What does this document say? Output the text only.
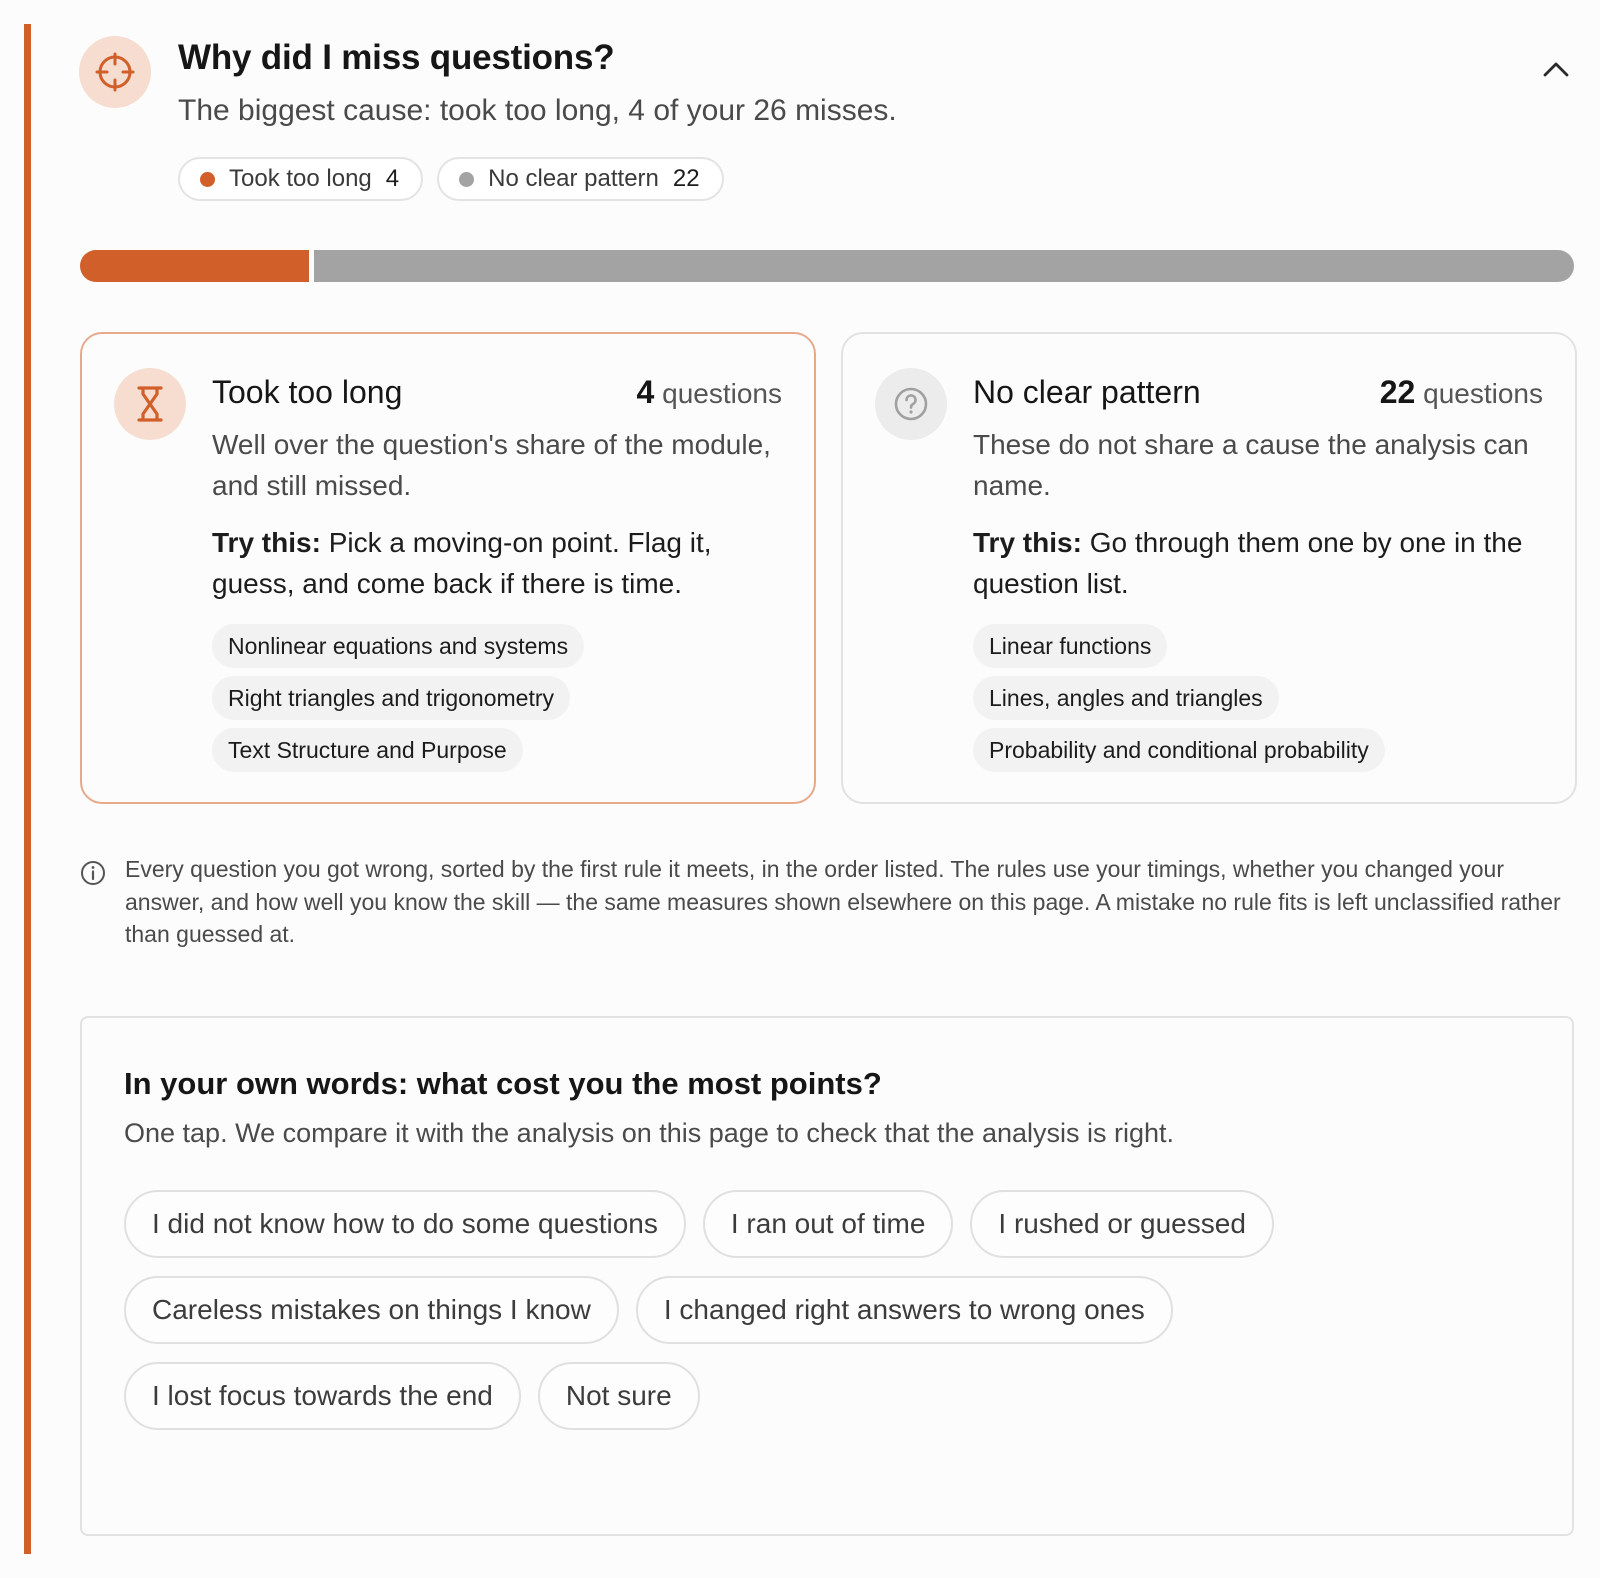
Why did I miss questions?
The biggest cause: took too long, 4 of your 26 misses.
Took too long 4	No clear pattern 22
Took too long	4 questions
Well over the question's share of the module, and still missed.
Try this: Pick a moving-on point. Flag it, guess, and come back if there is time.
Nonlinear equations and systems
Right triangles and trigonometry
Text Structure and Purpose
No clear pattern	22 questions
These do not share a cause the analysis can name.
Try this: Go through them one by one in the question list.
Linear functions
Lines, angles and triangles
Probability and conditional probability
Every question you got wrong, sorted by the first rule it meets, in the order listed. The rules use your timings, whether you changed your answer, and how well you know the skill — the same measures shown elsewhere on this page. A mistake no rule fits is left unclassified rather than guessed at.
In your own words: what cost you the most points?
One tap. We compare it with the analysis on this page to check that the analysis is right.
I did not know how to do some questions	I ran out of time	I rushed or guessed
Careless mistakes on things I know	I changed right answers to wrong ones
I lost focus towards the end	Not sure
